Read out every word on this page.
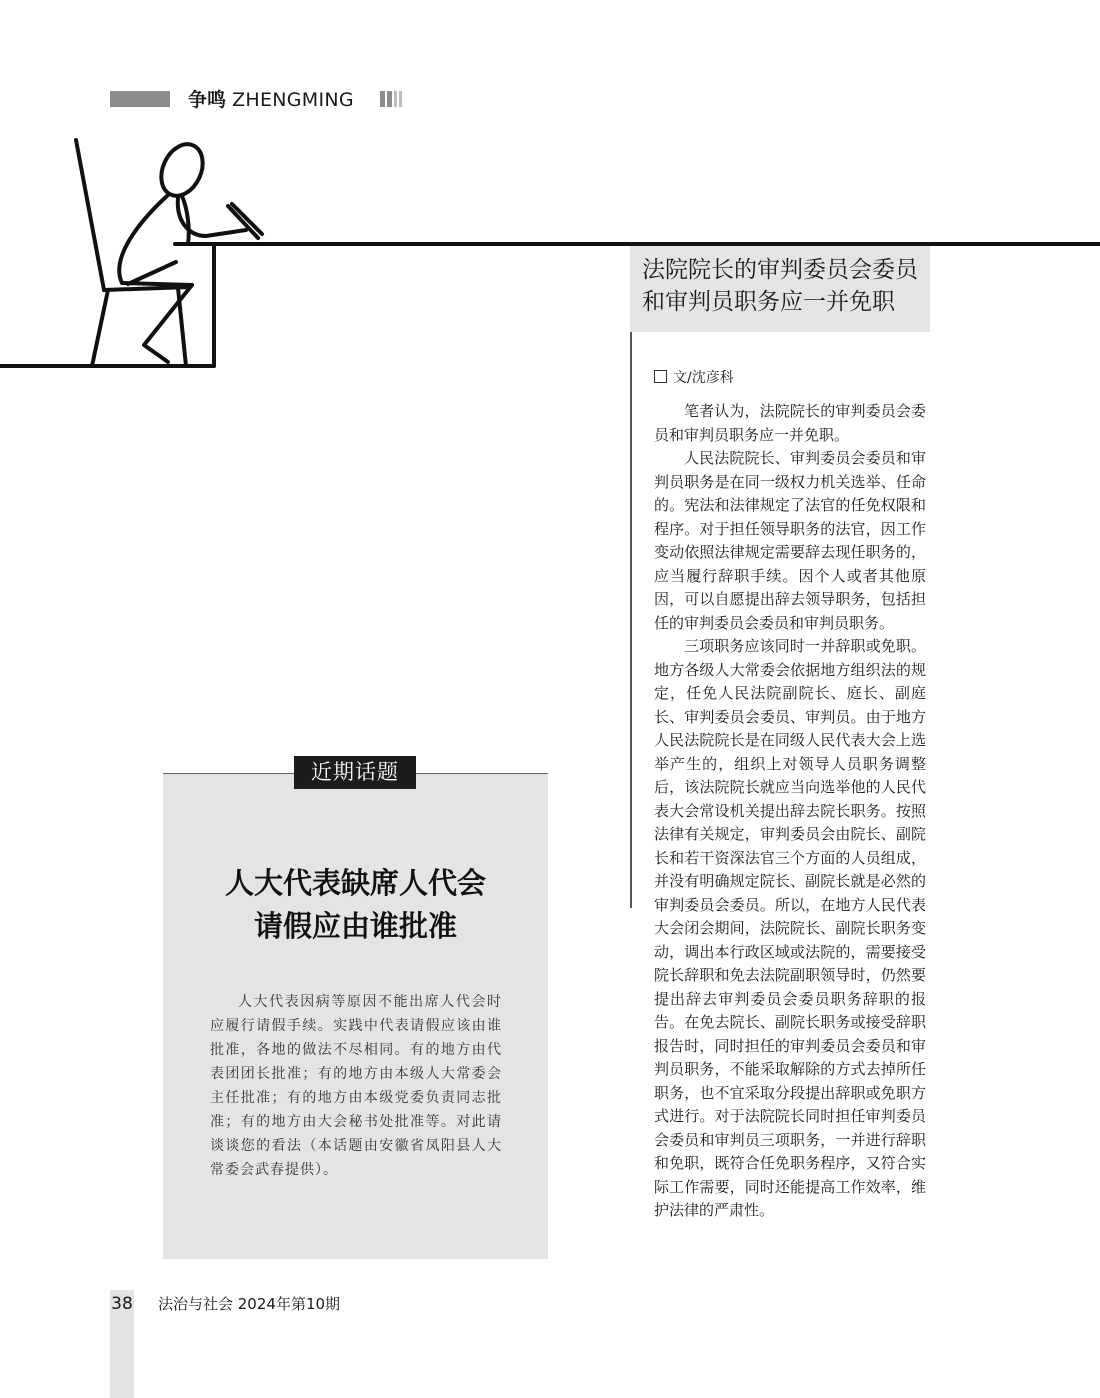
争鸣 ZHENGMING
法院院长的审判委员会委员和审判员职务应一并免职
文/沈彦科

笔者认为，法院院长的审判委员会委员和审判员职务应一并免职。

人民法院院长、审判委员会委员和审判员职务是在同一级权力机关选举、任命的。宪法和法律规定了法官的任免权限和程序。对于担任领导职务的法官，因工作变动依照法律规定需要辞去现任职务的，应当履行辞职手续。因个人或者其他原因，可以自愿提出辞去领导职务，包括担任的审判委员会委员和审判员职务。

三项职务应该同时一并辞职或免职。地方各级人大常委会依据地方组织法的规定，任免人民法院副院长、庭长、副庭长、审判委员会委员、审判员。由于地方人民法院院长是在同级人民代表大会上选举产生的，组织上对领导人员职务调整后，该法院院长就应当向选举他的人民代表大会常设机关提出辞去院长职务。按照法律有关规定，审判委员会由院长、副院长和若干资深法官三个方面的人员组成，并没有明确规定院长、副院长就是必然的审判委员会委员。所以，在地方人民代表大会闭会期间，法院院长、副院长职务变动，调出本行政区域或法院的，需要接受院长辞职和免去法院副职领导时，仍然要提出辞去审判委员会委员职务辞职的报告。在免去院长、副院长职务或接受辞职报告时，同时担任的审判委员会委员和审判员职务，不能采取解除的方式去掉所任职务，也不宜采取分段提出辞职或免职方式进行。对于法院院长同时担任审判委员会委员和审判员三项职务，一并进行辞职和免职，既符合任免职务程序，又符合实际工作需要，同时还能提高工作效率，维护法律的严肃性。

近期话题
人大代表缺席人代会
请假应由谁批准
人大代表因病等原因不能出席人代会时应履行请假手续。实践中代表请假应该由谁批准，各地的做法不尽相同。有的地方由代表团团长批准；有的地方由本级人大常委会主任批准；有的地方由本级党委负责同志批准；有的地方由大会秘书处批准等。对此请谈谈您的看法（本话题由安徽省凤阳县人大常委会武春提供）。
38 法治与社会 2024年第10期
